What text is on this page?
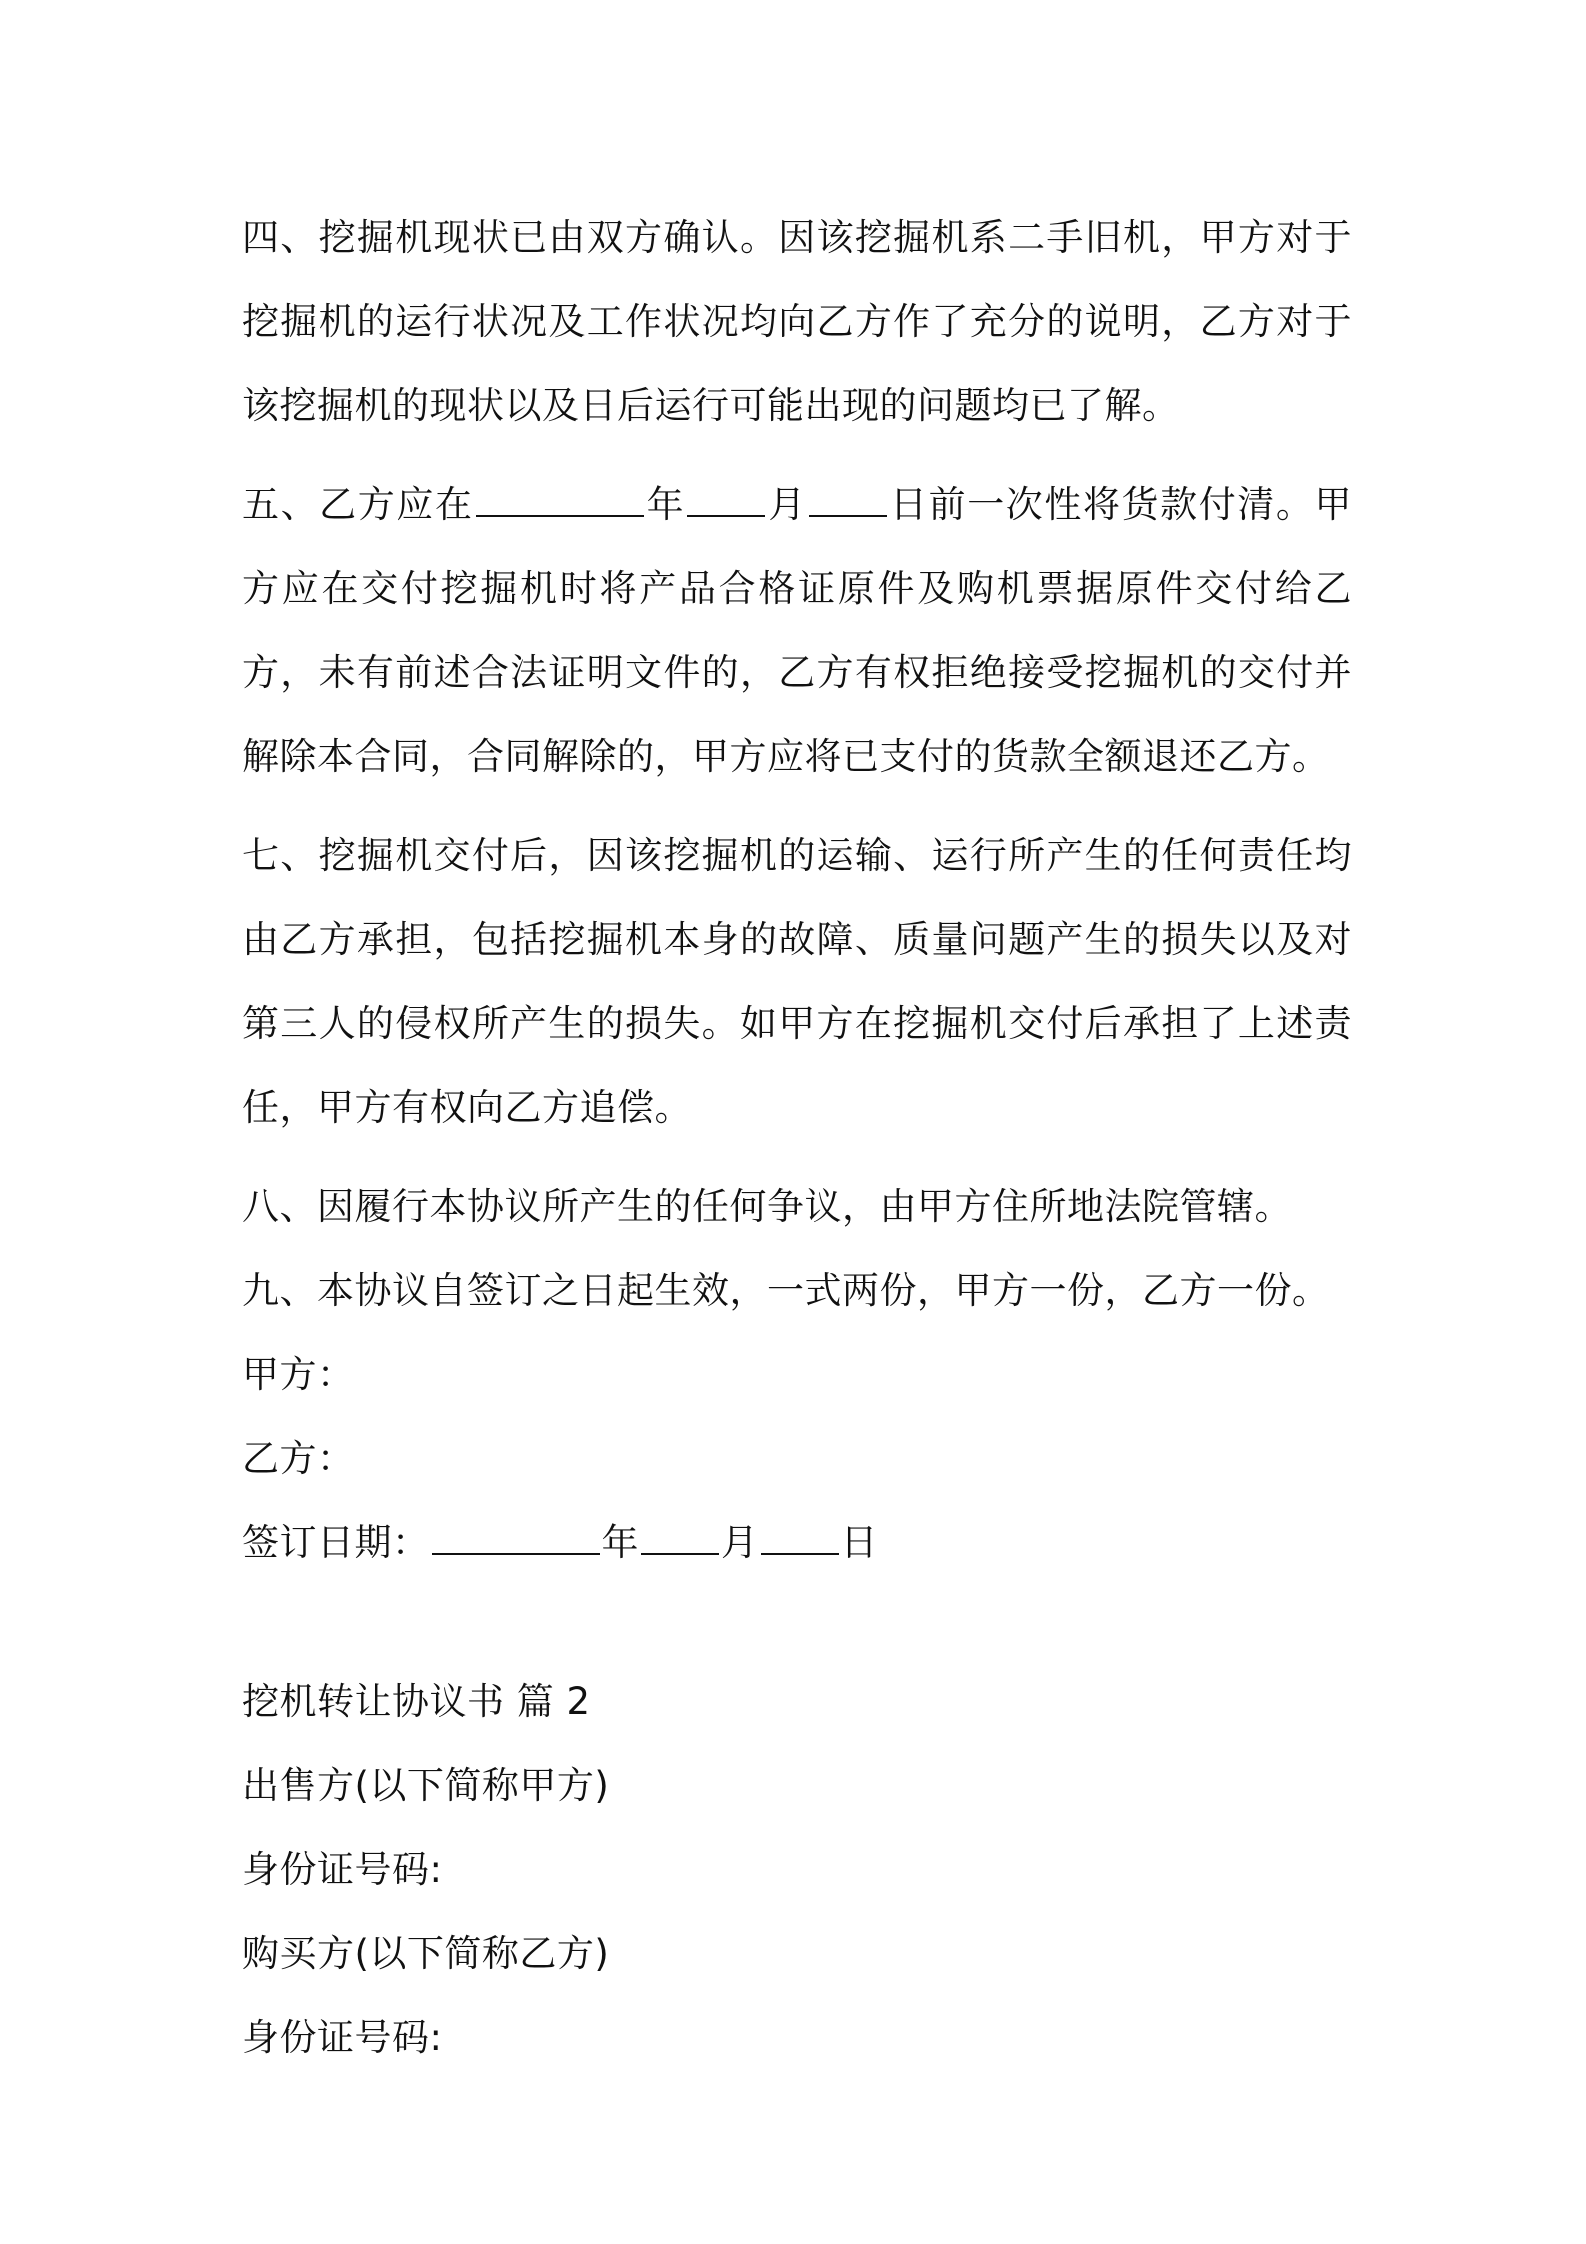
四、挖掘机现状已由双方确认。因该挖掘机系二手旧机，甲方对于挖掘机的运行状况及工作状况均向乙方作了充分的说明，乙方对于该挖掘机的现状以及日后运行可能出现的问题均已了解。

五、乙方应在	年 月 日前一次性将货款付清。甲方应在交付挖掘机时将产品合格证原件及购机票据原件交付给乙方，未有前述合法证明文件的，乙方有权拒绝接受挖掘机的交付并解除本合同，合同解除的，甲方应将已支付的货款全额退还乙方。

七、挖掘机交付后，因该挖掘机的运输、运行所产生的任何责任均由乙方承担，包括挖掘机本身的故障、质量问题产生的损失以及对第三人的侵权所产生的损失。如甲方在挖掘机交付后承担了上述责任，甲方有权向乙方追偿。

八、因履行本协议所产生的任何争议，由甲方住所地法院管辖。

九、本协议自签订之日起生效，一式两份，甲方一份，乙方一份。

甲方：

乙方：

签订日期：	年 月 日

挖机转让协议书 篇 2

出售方(以下简称甲方)

身份证号码:

购买方(以下简称乙方)

身份证号码:
